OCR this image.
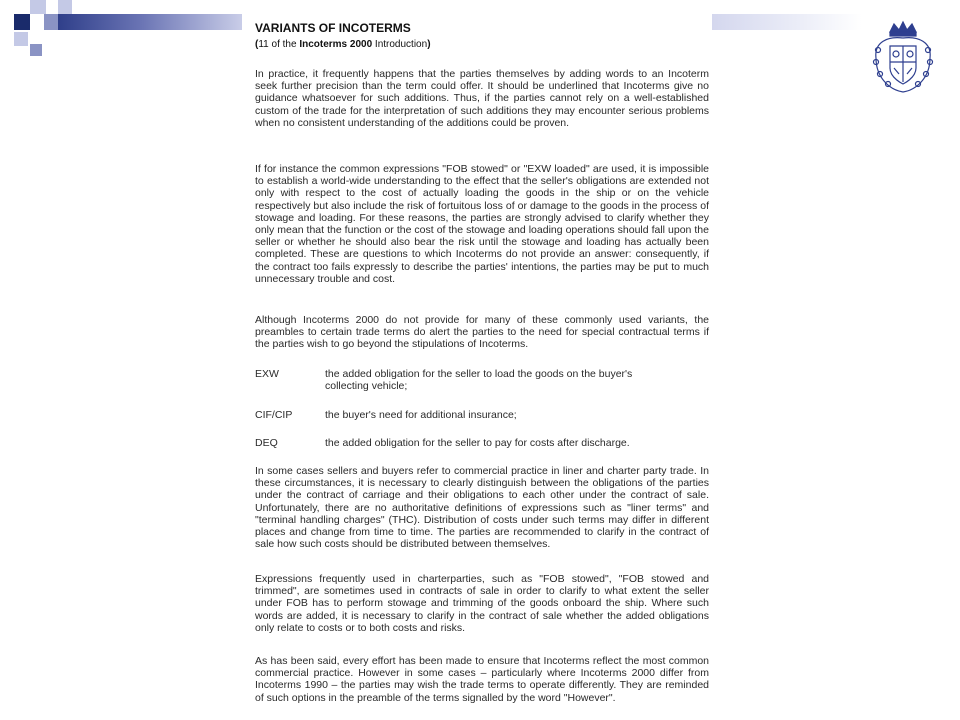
VARIANTS OF INCOTERMS
(11 of the Incoterms 2000 Introduction)

In practice, it frequently happens that the parties themselves by adding words to an Incoterm seek further precision than the term could offer. It should be underlined that Incoterms give no guidance whatsoever for such additions. Thus, if the parties cannot rely on a well-established custom of the trade for the interpretation of such additions they may encounter serious problems when no consistent understanding of the additions could be proven.

If for instance the common expressions "FOB stowed" or "EXW loaded" are used, it is impossible to establish a world-wide understanding to the effect that the seller's obligations are extended not only with respect to the cost of actually loading the goods in the ship or on the vehicle respectively but also include the risk of fortuitous loss of or damage to the goods in the process of stowage and loading. For these reasons, the parties are strongly advised to clarify whether they only mean that the function or the cost of the stowage and loading operations should fall upon the seller or whether he should also bear the risk until the stowage and loading has actually been completed. These are questions to which Incoterms do not provide an answer: consequently, if the contract too fails expressly to describe the parties' intentions, the parties may be put to much unnecessary trouble and cost.

Although Incoterms 2000 do not provide for many of these commonly used variants, the preambles to certain trade terms do alert the parties to the need for special contractual terms if the parties wish to go beyond the stipulations of Incoterms.

EXW	the added obligation for the seller to load the goods on the buyer's collecting vehicle;
CIF/CIP	the buyer's need for additional insurance;
DEQ	the added obligation for the seller to pay for costs after discharge.

In some cases sellers and buyers refer to commercial practice in liner and charter party trade. In these circumstances, it is necessary to clearly distinguish between the obligations of the parties under the contract of carriage and their obligations to each other under the contract of sale. Unfortunately, there are no authoritative definitions of expressions such as "liner terms" and "terminal handling charges" (THC). Distribution of costs under such terms may differ in different places and change from time to time. The parties are recommended to clarify in the contract of sale how such costs should be distributed between themselves.

Expressions frequently used in charterparties, such as "FOB stowed", "FOB stowed and trimmed", are sometimes used in contracts of sale in order to clarify to what extent the seller under FOB has to perform stowage and trimming of the goods onboard the ship. Where such words are added, it is necessary to clarify in the contract of sale whether the added obligations only relate to costs or to both costs and risks.

As has been said, every effort has been made to ensure that Incoterms reflect the most common commercial practice. However in some cases – particularly where Incoterms 2000 differ from Incoterms 1990 – the parties may wish the trade terms to operate differently. They are reminded of such options in the preamble of the terms signalled by the word "However".
